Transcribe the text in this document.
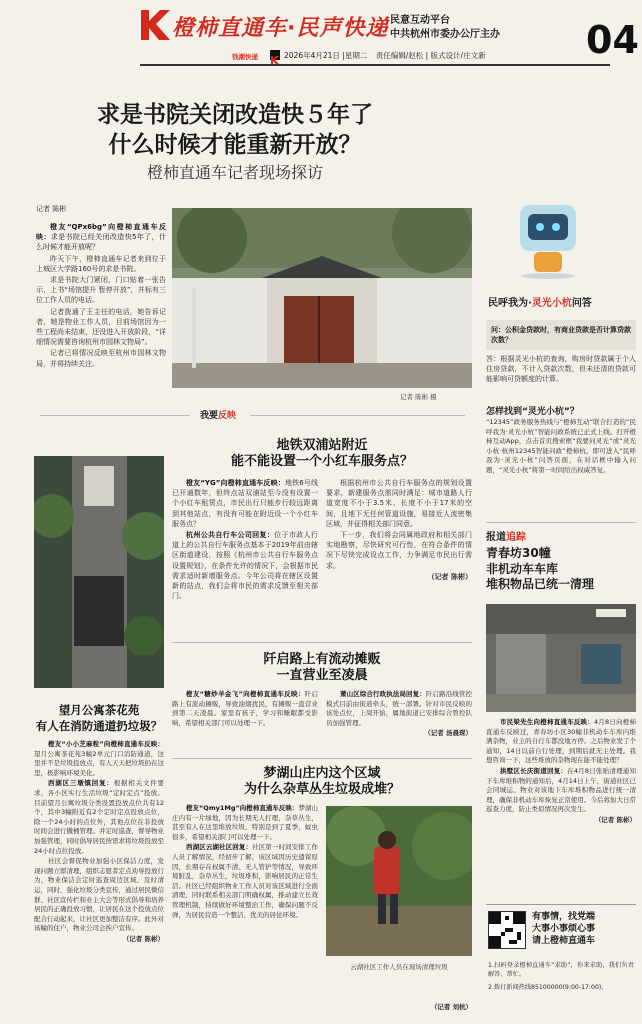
橙柿直通车·民声快递 民意互动平台
中共杭州市委办公厅主办
钱潮快递	2026年4月21日 |星期二 责任编辑/赵松 | 版式设计/庄文新	04
求是书院关闭改造快５年了
什么时候才能重新开放？
橙柿直通车记者现场探访
记者 陈彬

橙友“QPx6bg”向橙柿直通车反映：求是书院已经关闭改造快5年了，什么时候才能开放呢？

昨天下午，橙柿直通车记者来到位于上城区大学路160号的求是书院。

求是书院大门紧闭，门口贴着一张告示，上书“场馆提升 暂停开放”，并标有三位工作人员的电话。

记者拨通了王主任的电话，她告诉记者，她是物业工作人员，目前场馆因为一些工程尚未结束，还没进入开放阶段，“详细情况需要咨询杭州市园林文物局”。

记者已将情况反映至杭州市园林文物局，并将持续关注。

记者 陈彬 摄
民呼我为·灵光小杭问答
问：公积金贷款时，有商业贷款是否计算贷款次数？
答：根据灵光小杭的查询，购房时贷款属于个人住房贷款，不计入贷款次数，但未还清的贷款可能影响可贷额度的计算。
怎样找到“灵光小杭”？
“12345”政务服务热线与“橙柿互动”联合打造的“民呼我为·灵光小杭”智能问政系统已正式上线。打开橙柿互动App，点击首页搜索框“我要问灵光”或“灵光小杭·杭州12345智能问政”橙柿杭，即可进入“民呼我为·灵光小杭”问答页面，在对话框中输入问题，“灵光小杭”将第一时间给出权威答复。
我要反映
地铁双浦站附近
能不能设置一个小红车服务点？

橙友“YG”向橙柿直通车反映：地铁6号线已开通数年，但终点站双浦站至今没有设置一个小红车租赁点，市民出行只能步行较远距离到其他站点，有没有可能在附近设一个小红车服务点？

杭州公共自行车公司回复：位于市政人行道上的公共自行车服务点基本于2019年前由辖区街道建设，按照《杭州市公共自行车服务点设置规划》，在条件允许的情况下，会根据市民需求适时新增服务点。今年公司将在辖区设置新的站点，我们会将市民的需求反馈至相关部门。

根据杭州市公共自行车服务点的规划设置要求，新建服务点需同时满足：城市道路人行道宽度不小于3.5米、长度不小于17米的空间，且地下无任何管道设施，易接近人流密集区域，并征得相关部门同意。

下一步，我们将会同属地政府和相关部门实地勘察，尽快研究可行性，在符合条件的情况下尽快完成设点工作，力争满足市民出行需求。

（记者 陈彬）

望月公寓茶花苑
有人在消防通道扔垃圾？

橙友“小小芝麻粒”向橙柿直通车反映：望月公寓茶花苑3幢2单元门口消防通道，这里并不是垃圾投放点，有人天天把垃圾扔在这里，极影响环境美化。

西湖区三墩镇回复：根据相关文件要求，各小区实行生活垃圾“定时定点”投放。目前望月公寓垃圾分类设置投放点位共有12个，其中3幢附近有2个定时定点投放点位，除一个24小时的点位外，其他点位在非投放时间会进行撤桶管理。并定时巡查，督导物业加强管理，同时倡导居民按需求将垃圾投放至24小时点位投放。

社区会督促物业加强小区保洁力度，发现问题立即清理，组织志愿者定点劝导投放行为，物业保洁会定时巡查周边区域，及时清运，同时，强化垃圾分类宣传，通过居民微信群、社区宣传栏和业主大会等形式倡导和培养居民的正确投放习惯，让居民在这个投放点位配合行动起来，让社区更加整洁有序。此外对该幢的住户，物业公司会挨户宣传。

（记者 陈彬）

阡启路上有流动摊贩
一直营业至凌晨

橙友“糖炒羊金飞”向橙柿直通车反映：阡启路上有流动摊贩，导致油烟扰民，有摊贩一直营业到第二天凌晨。家里有孩子，学习和睡眠都受影响，希望相关部门可以处理一下。

萧山区综合行政执法局回复：阡启路沿线管控模式目前由街道牵头，统一部署。针对市民反映的该处点位，上周开始，属地街道已安排综合管控队员加强管理。

（记者 汤晨琛）

梦湖山庄内这个区域
为什么杂草丛生垃圾成堆？

橙友“Qmy1Mg”向橙柿直通车反映：梦湖山庄内有一片绿地，因为长期无人打理，杂草丛生，甚至有人在这里堆放垃圾，特别是到了夏季，蚊虫很多，希望相关部门可以处理一下。

西湖区云湖社区回复：社区第一时间安排工作人员了解情况，经初步了解，该区域因历史遗留原因，长期存在权属不清、无人管护等情况，导致环境脏乱，杂草丛生，垃圾堆积，影响居民的正常生活。社区已经组织物业工作人员对该区域进行全面清理，同时联系相关部门明确权属，推动建立长效管理机制，持续做好环境整治工作，确保问题不反弹，为居民营造一个整洁、优美的居住环境。

云湖社区工作人员在现场清理垃圾
（记者 刘杭）
报道追踪
青春坊30幢
非机动车车库
堆积物品已统一清理

市民梁先生向橙柿直通车反映：4月8日向橙柿直通车反映过，青春坊小区30幢非机动车车库内堆满杂物，业主的自行车都没地方停。之后物业发了个通知，14日以前自行处理，到期后就无主处理。我想咨询一下，这些堆放的杂物现在能不能处理？

拱墅区长庆街道回复：在4月8日张贴清理通知下车库堆积物的通知后，4月14日上午，街道社区已会同城运、物业对该地下车库堆积物品进行统一清理，确保非机动车库恢复正常使用。今后将加大日常巡查力度，防止类似情况再次发生。

（记者 陈彬）

有事情，找党端
大事小事烦心事
请上橙柿直通车
1.扫码登录橙柿直通车“求助”，你来求助，我们负责解答、帮忙。
2.拨打新闻热线85100000(9:00-17:00)。
